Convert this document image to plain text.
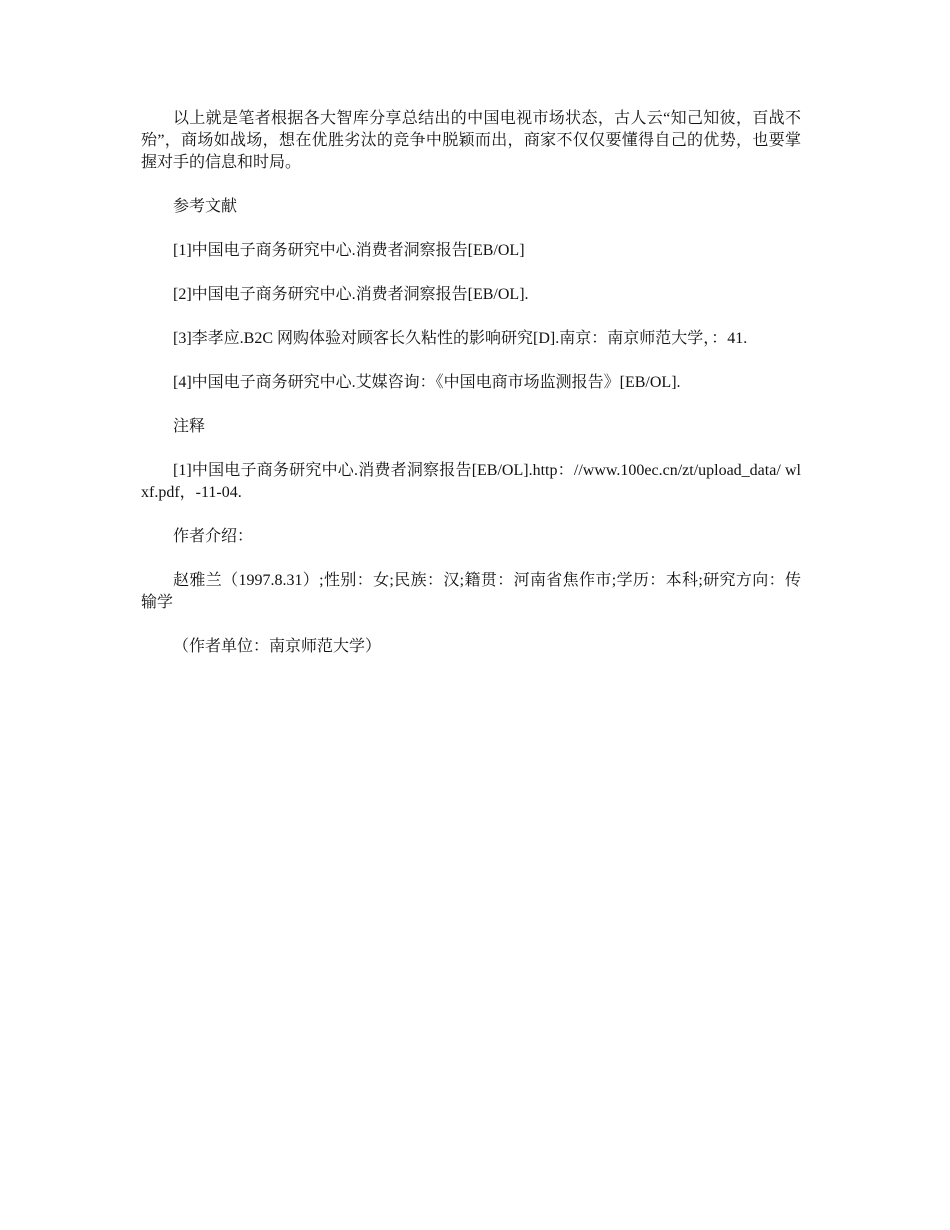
以上就是笔者根据各大智库分享总结出的中国电视市场状态，古人云“知己知彼，百战不殆”，商场如战场，想在优胜劣汰的竞争中脱颖而出，商家不仅仅要懂得自己的优势，也要掌握对手的信息和时局。

参考文献

[1]中国电子商务研究中心.消费者洞察报告[EB/OL]

[2]中国电子商务研究中心.消费者洞察报告[EB/OL].

[3]李孝应.B2C 网购体验对顾客长久粘性的影响研究[D].南京：南京师范大学，：41.

[4]中国电子商务研究中心.艾媒咨询：《中国电商市场监测报告》[EB/OL].

注释

[1]中国电子商务研究中心.消费者洞察报告[EB/OL].http：//www.100ec.cn/zt/upload_data/ wlxf.pdf，-11-04.

作者介绍：

赵雅兰（1997.8.31）;性别：女;民族：汉;籍贯：河南省焦作市;学历：本科;研究方向：传输学

（作者单位：南京师范大学）
